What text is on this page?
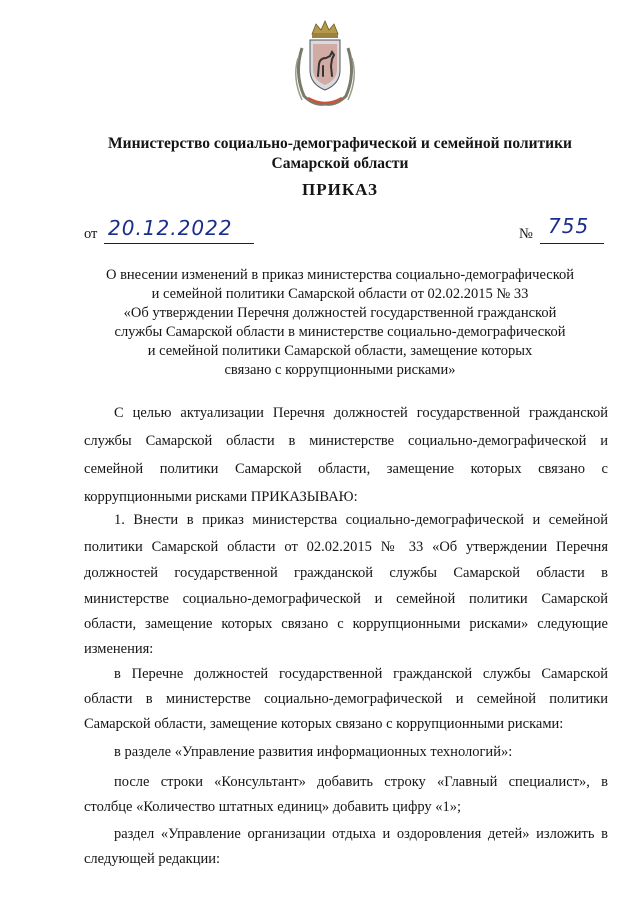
Министерство социально-демографической и семейной политики
Самарской области
ПРИКАЗ
от 20.12.2022	№ 755
О внесении изменений в приказ министерства социально-демографической
и семейной политики Самарской области от 02.02.2015 № 33
«Об утверждении Перечня должностей государственной гражданской
службы Самарской области в министерстве социально-демографической
и семейной политики Самарской области, замещение которых
связано с коррупционными рисками»
С целью актуализации Перечня должностей государственной гражданской
службы Самарской области в министерстве социально-демографической и
семейной политики Самарской области, замещение которых связано с
коррупционными рисками ПРИКАЗЫВАЮ:
1. Внести в приказ министерства социально-демографической и семейной
политики Самарской области от 02.02.2015 № 33 «Об утверждении Перечня
должностей государственной гражданской службы Самарской области в
министерстве социально-демографической и семейной политики Самарской
области, замещение которых связано с коррупционными рисками» следующие
изменения:
в Перечне должностей государственной гражданской службы Самарской
области в министерстве социально-демографической и семейной политики
Самарской области, замещение которых связано с коррупционными рисками:
в разделе «Управление развития информационных технологий»:
после строки «Консультант» добавить строку «Главный специалист», в
столбце «Количество штатных единиц» добавить цифру «1»;
раздел «Управление организации отдыха и оздоровления детей» изложить в
следующей редакции:
